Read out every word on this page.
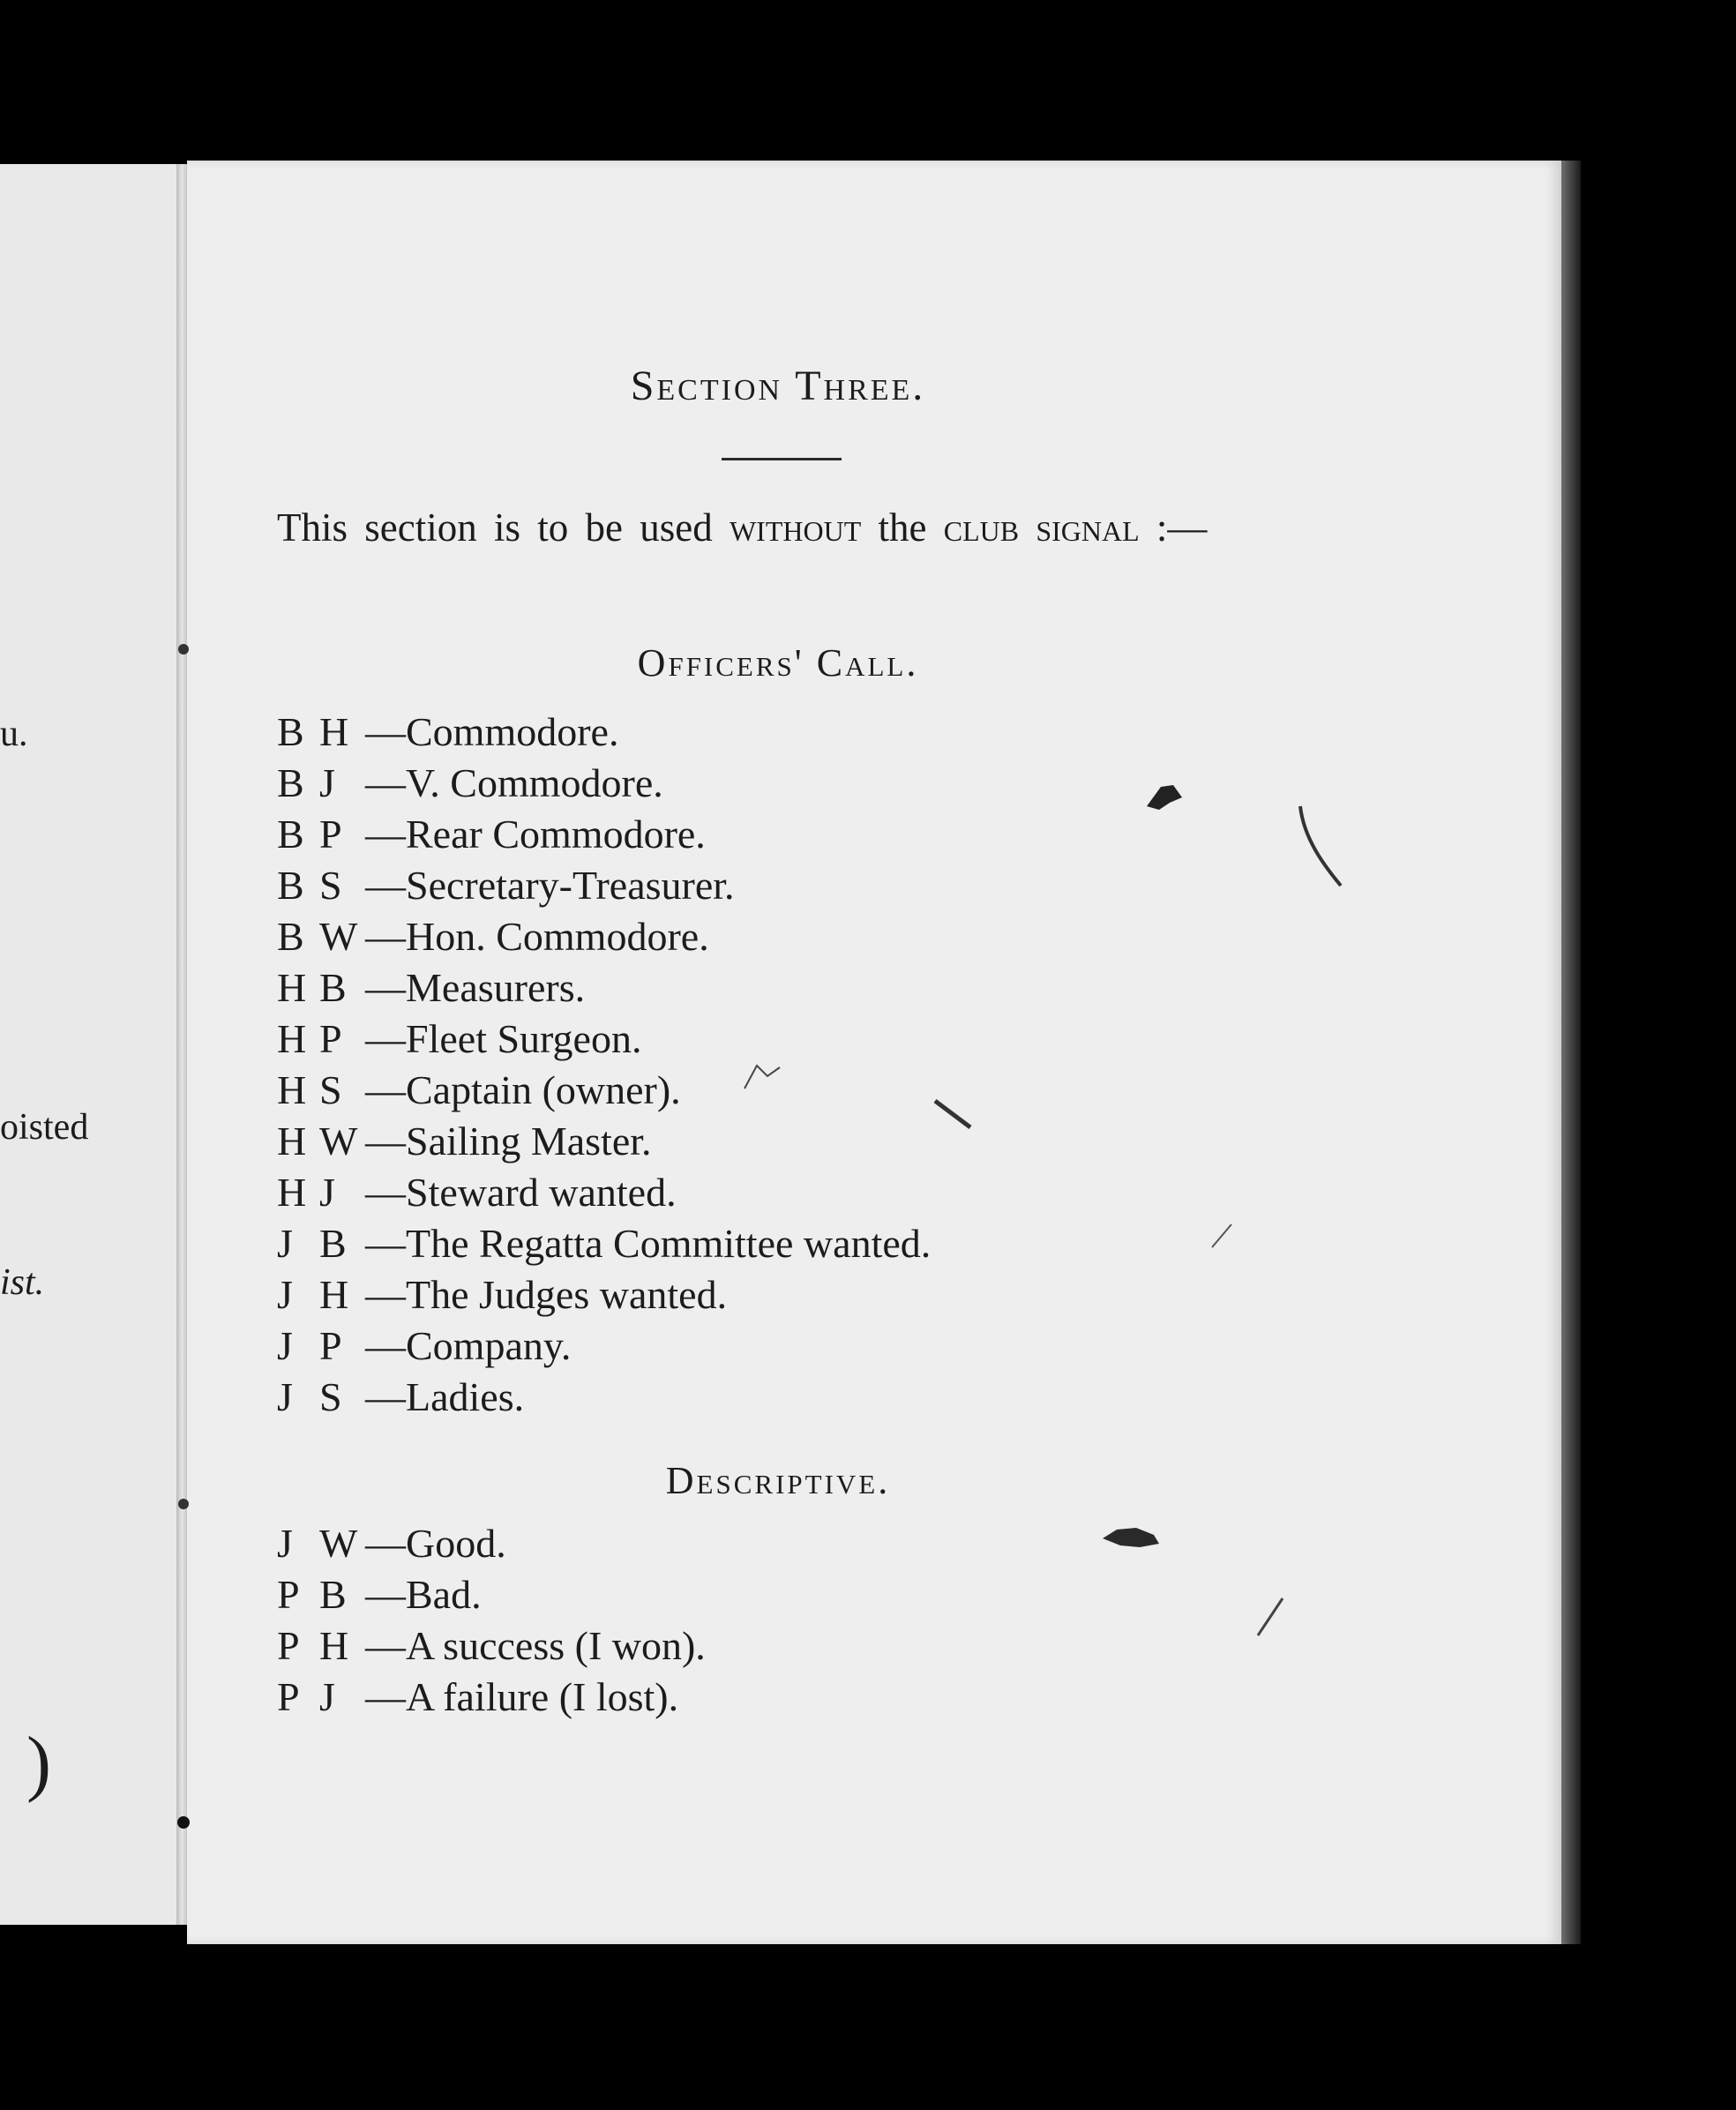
u.
oisted
ist.
)
Section Three.
This section is to be used without the club signal :—
Officers' Call.
B H —Commodore.
B J —V. Commodore.
B P —Rear Commodore.
B S —Secretary-Treasurer.
B W —Hon. Commodore.
H B —Measurers.
H P —Fleet Surgeon.
H S —Captain (owner).
H W —Sailing Master.
H J —Steward wanted.
J B —The Regatta Committee wanted.
J H —The Judges wanted.
J P —Company.
J S —Ladies.
Descriptive.
J W —Good.
P B —Bad.
P H —A success (I won).
P J —A failure (I lost).
